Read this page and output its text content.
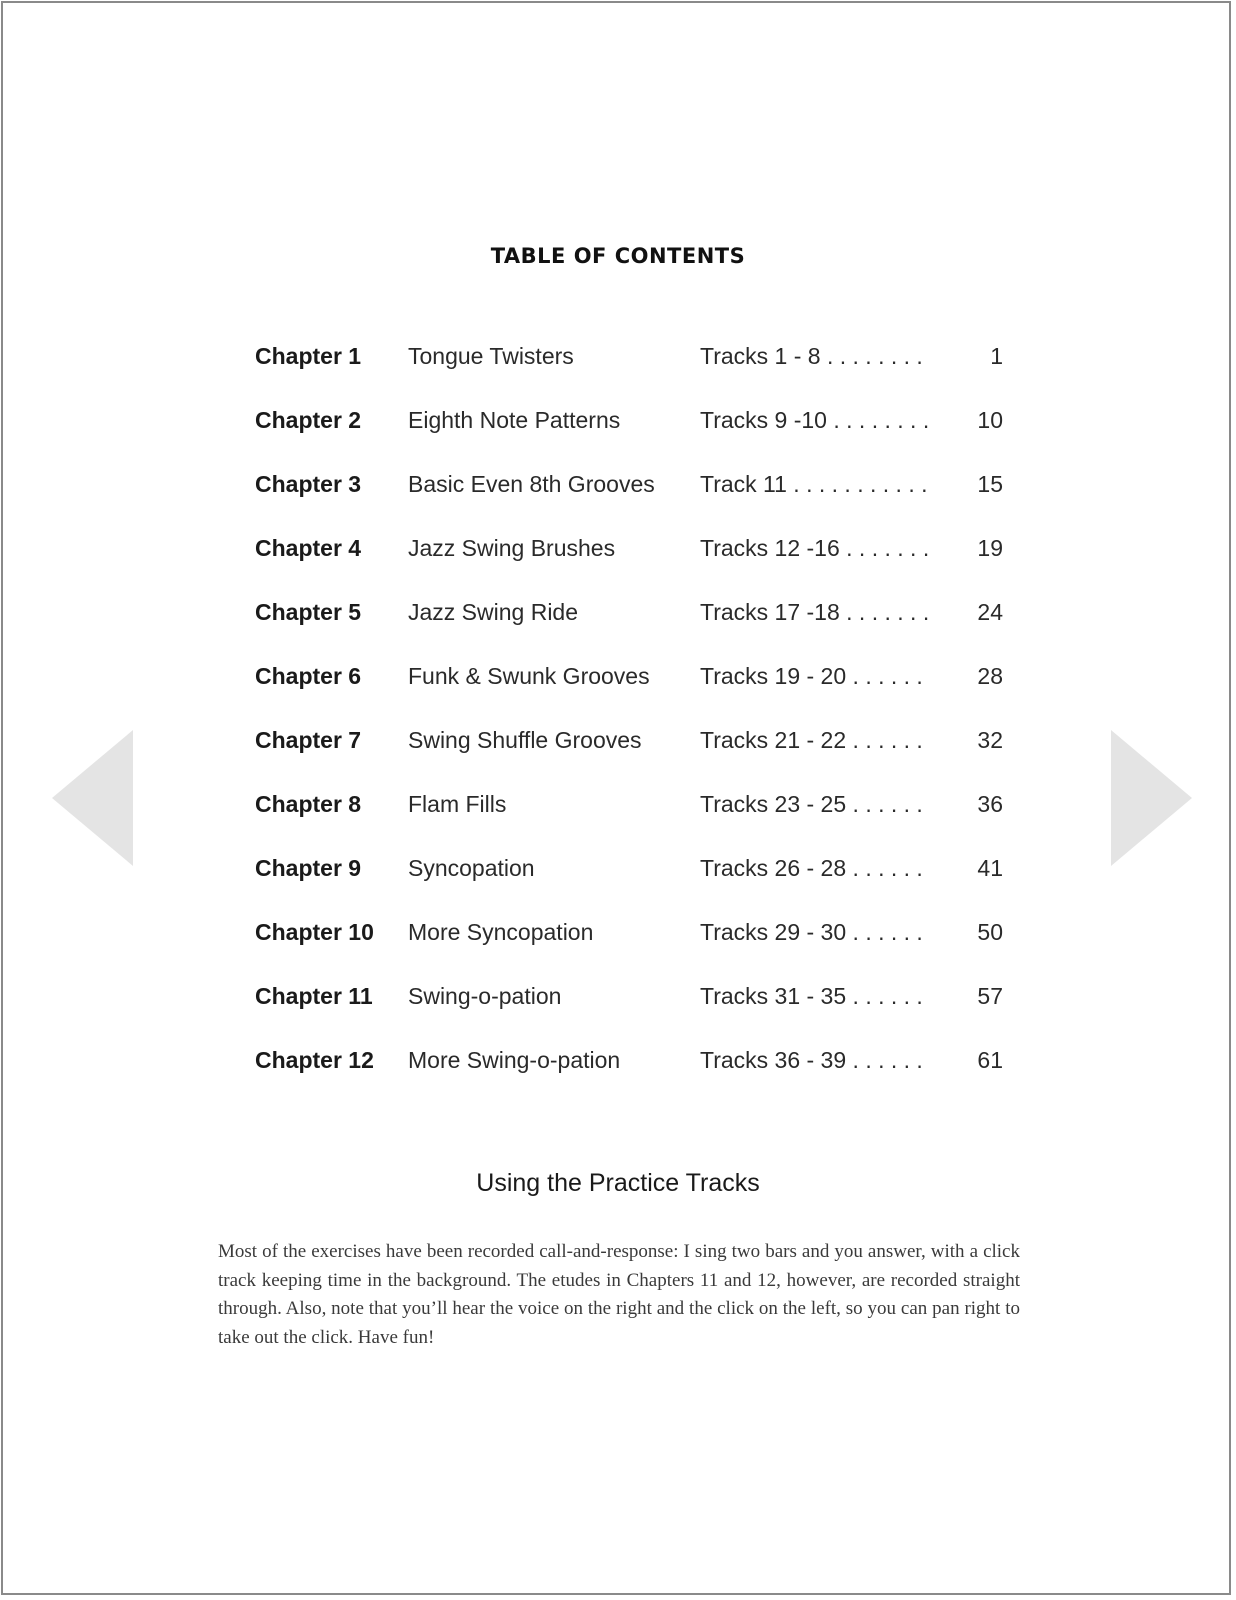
TABLE OF CONTENTS
Chapter 1 Tongue Twisters	Tracks 1 - 8 . . . . . . . .	1
Chapter 2 Eighth Note Patterns	Tracks 9 -10 . . . . . . . . 10
Chapter 3 Basic Even 8th Grooves Track 11 . . . . . . . . . . . 15
Chapter 4 Jazz Swing Brushes	Tracks 12 -16 . . . . . . . 19
Chapter 5 Jazz Swing Ride	Tracks 17 -18 . . . . . . . 24
Chapter 6 Funk & Swunk Grooves Tracks 19 - 20 . . . . . . 28
Chapter 7 Swing Shuffle Grooves	Tracks 21 - 22 . . . . . . 32
Chapter 8 Flam Fills	Tracks 23 - 25 . . . . . . 36
Chapter 9 Syncopation	Tracks 26 - 28 . . . . . . 41
Chapter 10 More Syncopation	Tracks 29 - 30 . . . . . . 50
Chapter 11 Swing-o-pation	Tracks 31 - 35 . . . . . . 57
Chapter 12 More Swing-o-pation	Tracks 36 - 39 . . . . . . 61
Using the Practice Tracks
Most of the exercises have been recorded call-and-response: I sing two bars and you answer, with a click track keeping time in the background. The etudes in Chapters 11 and 12, however, are recorded straight through. Also, note that you’ll hear the voice on the right and the click on the left, so you can pan right to take out the click. Have fun!
